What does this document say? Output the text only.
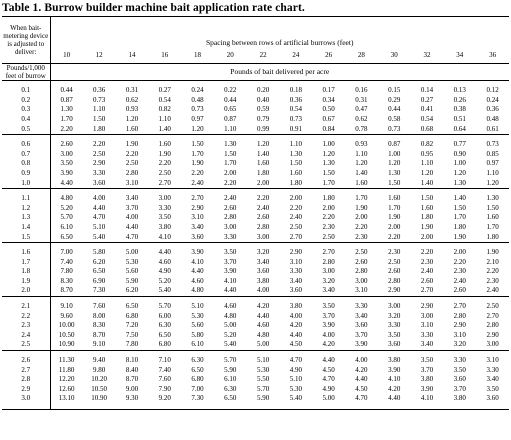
Table 1. Burrow builder machine bait application rate chart.
When bait-metering device is adjusted to deliver:	Spacing between rows of artificial burrows (feet)													
	10	12	14	16	18	20	22	24	26	28	30	32	34	36
Pounds/1,000 feet of burrow	Pounds of bait delivered per acre													

0.1	0.44	0.36	0.31	0.27	0.24	0.22	0.20	0.18	0.17	0.16	0.15	0.14	0.13	0.12
0.2	0.87	0.73	0.62	0.54	0.48	0.44	0.40	0.36	0.34	0.31	0.29	0.27	0.26	0.24
0.3	1.30	1.10	0.93	0.82	0.73	0.65	0.59	0.54	0.50	0.47	0.44	0.41	0.38	0.36
0.4	1.70	1.50	1.20	1.10	0.97	0.87	0.79	0.73	0.67	0.62	0.58	0.54	0.51	0.48
0.5	2.20	1.80	1.60	1.40	1.20	1.10	0.99	0.91	0.84	0.78	0.73	0.68	0.64	0.61

0.6	2.60	2.20	1.90	1.60	1.50	1.30	1.20	1.10	1.00	0.93	0.87	0.82	0.77	0.73
0.7	3.00	2.50	2.20	1.90	1.70	1.50	1.40	1.30	1.20	1.10	1.00	0.95	0.90	0.85
0.8	3.50	2.90	2.50	2.20	1.90	1.70	1.60	1.50	1.30	1.20	1.20	1.10	1.00	0.97
0.9	3.90	3.30	2.80	2.50	2.20	2.00	1.80	1.60	1.50	1.40	1.30	1.20	1.20	1.10
1.0	4.40	3.60	3.10	2.70	2.40	2.20	2.00	1.80	1.70	1.60	1.50	1.40	1.30	1.20

1.1	4.80	4.00	3.40	3.00	2.70	2.40	2.20	2.00	1.80	1.70	1.60	1.50	1.40	1.30
1.2	5.20	4.40	3.70	3.30	2.90	2.60	2.40	2.20	2.00	1.90	1.70	1.60	1.50	1.50
1.3	5.70	4.70	4.00	3.50	3.10	2.80	2.60	2.40	2.20	2.00	1.90	1.80	1.70	1.60
1.4	6.10	5.10	4.40	3.80	3.40	3.00	2.80	2.50	2.30	2.20	2.00	1.90	1.80	1.70
1.5	6.50	5.40	4.70	4.10	3.60	3.30	3.00	2.70	2.50	2.30	2.20	2.00	1.90	1.80

1.6	7.00	5.80	5.00	4.40	3.90	3.50	3.20	2.90	2.70	2.50	2.30	2.20	2.00	1.90
1.7	7.40	6.20	5.30	4.60	4.10	3.70	3.40	3.10	2.80	2.60	2.50	2.30	2.20	2.10
1.8	7.80	6.50	5.60	4.90	4.40	3.90	3.60	3.30	3.00	2.80	2.60	2.40	2.30	2.20
1.9	8.30	6.90	5.90	5.20	4.60	4.10	3.80	3.40	3.20	3.00	2.80	2.60	2.40	2.30
2.0	8.70	7.30	6.20	5.40	4.80	4.40	4.00	3.60	3.40	3.10	2.90	2.70	2.60	2.40

2.1	9.10	7.60	6.50	5.70	5.10	4.60	4.20	3.80	3.50	3.30	3.00	2.90	2.70	2.50
2.2	9.60	8.00	6.80	6.00	5.30	4.80	4.40	4.00	3.70	3.40	3.20	3.00	2.80	2.70
2.3	10.00	8.30	7.20	6.30	5.60	5.00	4.60	4.20	3.90	3.60	3.30	3.10	2.90	2.80
2.4	10.50	8.70	7.50	6.50	5.80	5.20	4.80	4.40	4.00	3.70	3.50	3.30	3.10	2.90
2.5	10.90	9.10	7.80	6.80	6.10	5.40	5.00	4.50	4.20	3.90	3.60	3.40	3.20	3.00

2.6	11.30	9.40	8.10	7.10	6.30	5.70	5.10	4.70	4.40	4.00	3.80	3.50	3.30	3.10
2.7	11.80	9.80	8.40	7.40	6.50	5.90	5.30	4.90	4.50	4.20	3.90	3.70	3.50	3.30
2.8	12.20	10.20	8.70	7.60	6.80	6.10	5.50	5.10	4.70	4.40	4.10	3.80	3.60	3.40
2.9	12.60	10.50	9.00	7.90	7.00	6.30	5.70	5.30	4.90	4.50	4.20	3.90	3.70	3.50
3.0	13.10	10.90	9.30	9.20	7.30	6.50	5.90	5.40	5.00	4.70	4.40	4.10	3.80	3.60
